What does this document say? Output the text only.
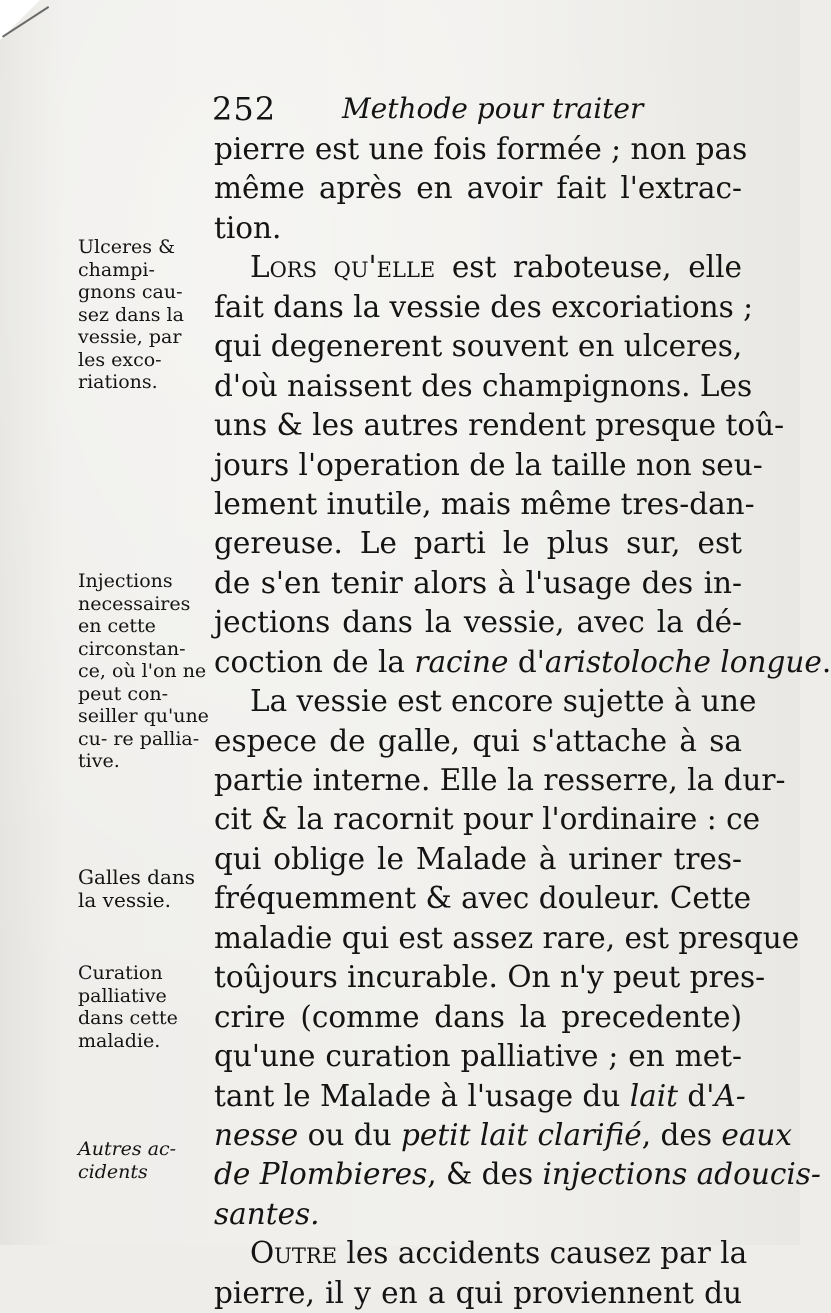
252 Methode pour traiter
Ulceres & champi- gnons cau- sez dans la vessie, par les exco- riations.
Injections necessaires en cette circonstan- ce, où l'on ne peut con- seiller qu'une cu- re pallia- tive.
Galles dans la vessie.
Curation palliative dans cette maladie.
Autres ac- cidents
pierre est une fois formée ; non pas
même après en avoir fait l'extrac-
tion.
Lors qu'elle est raboteuse, elle
fait dans la vessie des excoriations ;
qui degenerent souvent en ulceres,
d'où naissent des champignons. Les
uns & les autres rendent presque toû-
jours l'operation de la taille non seu-
lement inutile, mais même tres-dan-
gereuse. Le parti le plus sur, est
de s'en tenir alors à l'usage des in-
jections dans la vessie, avec la dé-
coction de la racine d'aristoloche longue.
La vessie est encore sujette à une
espece de galle, qui s'attache à sa
partie interne. Elle la resserre, la dur-
cit & la racornit pour l'ordinaire : ce
qui oblige le Malade à uriner tres-
fréquemment & avec douleur. Cette
maladie qui est assez rare, est presque
toûjours incurable. On n'y peut pres-
crire (comme dans la precedente)
qu'une curation palliative ; en met-
tant le Malade à l'usage du lait d'A-
nesse ou du petit lait clarifié, des eaux
de Plombieres, & des injections adoucis-
santes.
Outre les accidents causez par la
pierre, il y en a qui proviennent du
